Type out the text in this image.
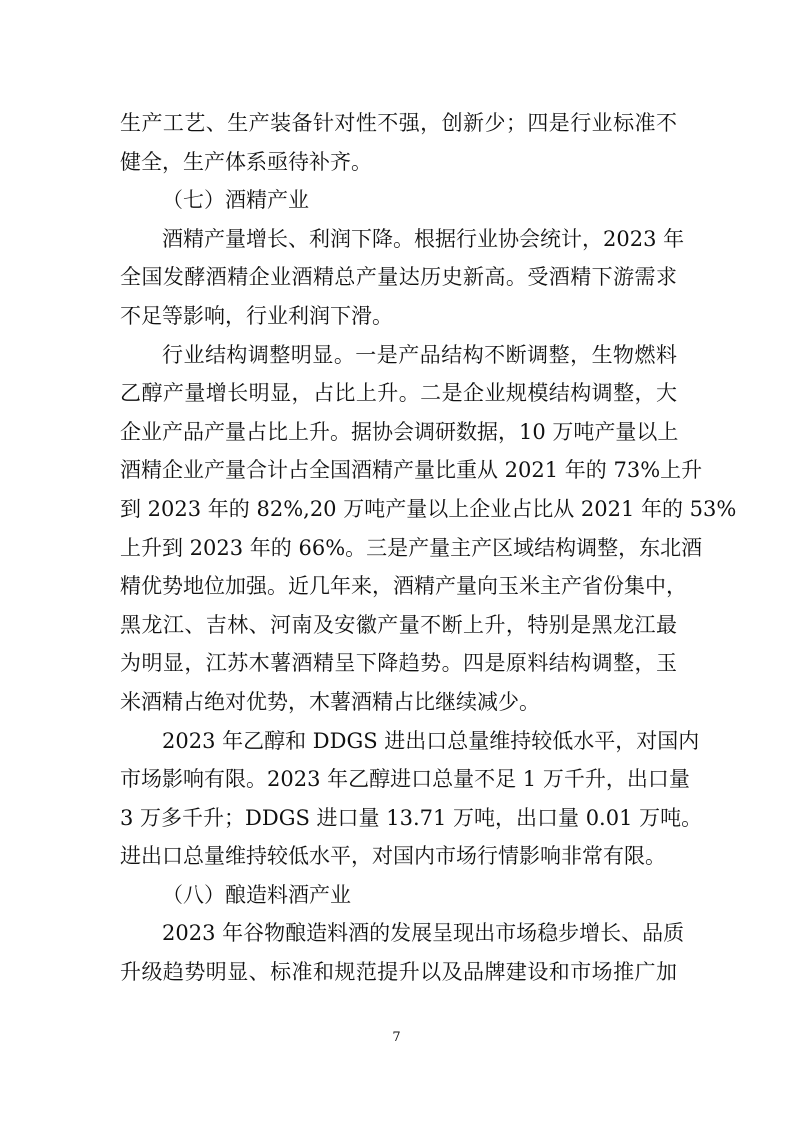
生产工艺、生产装备针对性不强，创新少；四是行业标准不
健全，生产体系亟待补齐。
（七）酒精产业
酒精产量增长、利润下降。根据行业协会统计，2023 年
全国发酵酒精企业酒精总产量达历史新高。受酒精下游需求
不足等影响，行业利润下滑。
行业结构调整明显。一是产品结构不断调整，生物燃料
乙醇产量增长明显，占比上升。二是企业规模结构调整，大
企业产品产量占比上升。据协会调研数据，10 万吨产量以上
酒精企业产量合计占全国酒精产量比重从 2021 年的 73%上升
到 2023 年的 82%,20 万吨产量以上企业占比从 2021 年的 53%
上升到 2023 年的 66%。三是产量主产区域结构调整，东北酒
精优势地位加强。近几年来，酒精产量向玉米主产省份集中，
黑龙江、吉林、河南及安徽产量不断上升，特别是黑龙江最
为明显，江苏木薯酒精呈下降趋势。四是原料结构调整，玉
米酒精占绝对优势，木薯酒精占比继续减少。
2023 年乙醇和 DDGS 进出口总量维持较低水平，对国内
市场影响有限。2023 年乙醇进口总量不足 1 万千升，出口量
3 万多千升；DDGS 进口量 13.71 万吨，出口量 0.01 万吨。
进出口总量维持较低水平，对国内市场行情影响非常有限。
（八）酿造料酒产业
2023 年谷物酿造料酒的发展呈现出市场稳步增长、品质
升级趋势明显、标准和规范提升以及品牌建设和市场推广加
7
